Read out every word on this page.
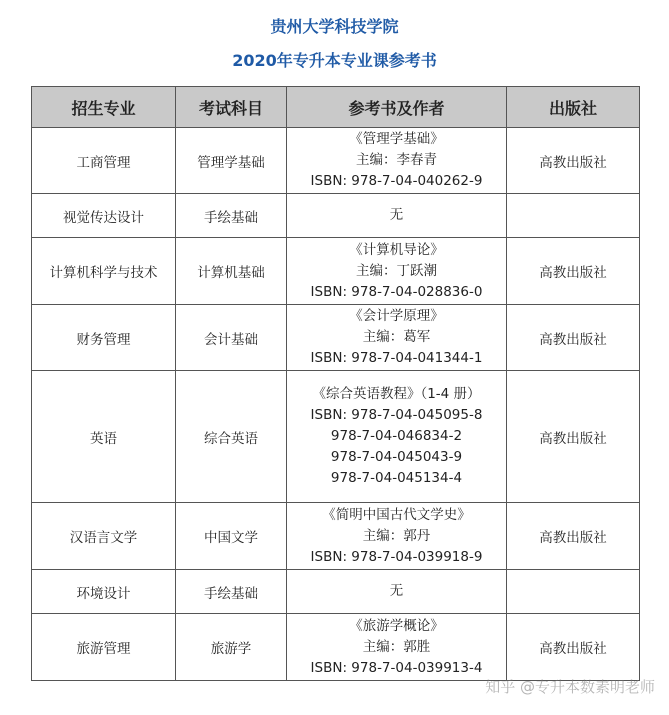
贵州大学科技学院
2020年专升本专业课参考书
招生专业	考试科目	参考书及作者	出版社
工商管理	管理学基础	《管理学基础》
主编：李春青
ISBN: 978-7-04-040262-9	高教出版社
视觉传达设计	手绘基础	无	

计算机科学与技术	计算机基础	《计算机导论》
主编：丁跃潮
ISBN: 978-7-04-028836-0	高教出版社
财务管理	会计基础	《会计学原理》
主编：葛军
ISBN: 978-7-04-041344-1	高教出版社
英语	综合英语	《综合英语教程》（1-4 册）
ISBN: 978-7-04-045095-8
978-7-04-046834-2
978-7-04-045043-9
978-7-04-045134-4	高教出版社
汉语言文学	中国文学	《简明中国古代文学史》
主编：郭丹
ISBN: 978-7-04-039918-9	高教出版社
环境设计	手绘基础	无	

旅游管理	旅游学	《旅游学概论》
主编：郭胜
ISBN: 978-7-04-039913-4	高教出版社
知乎 @专升本数素明老师
